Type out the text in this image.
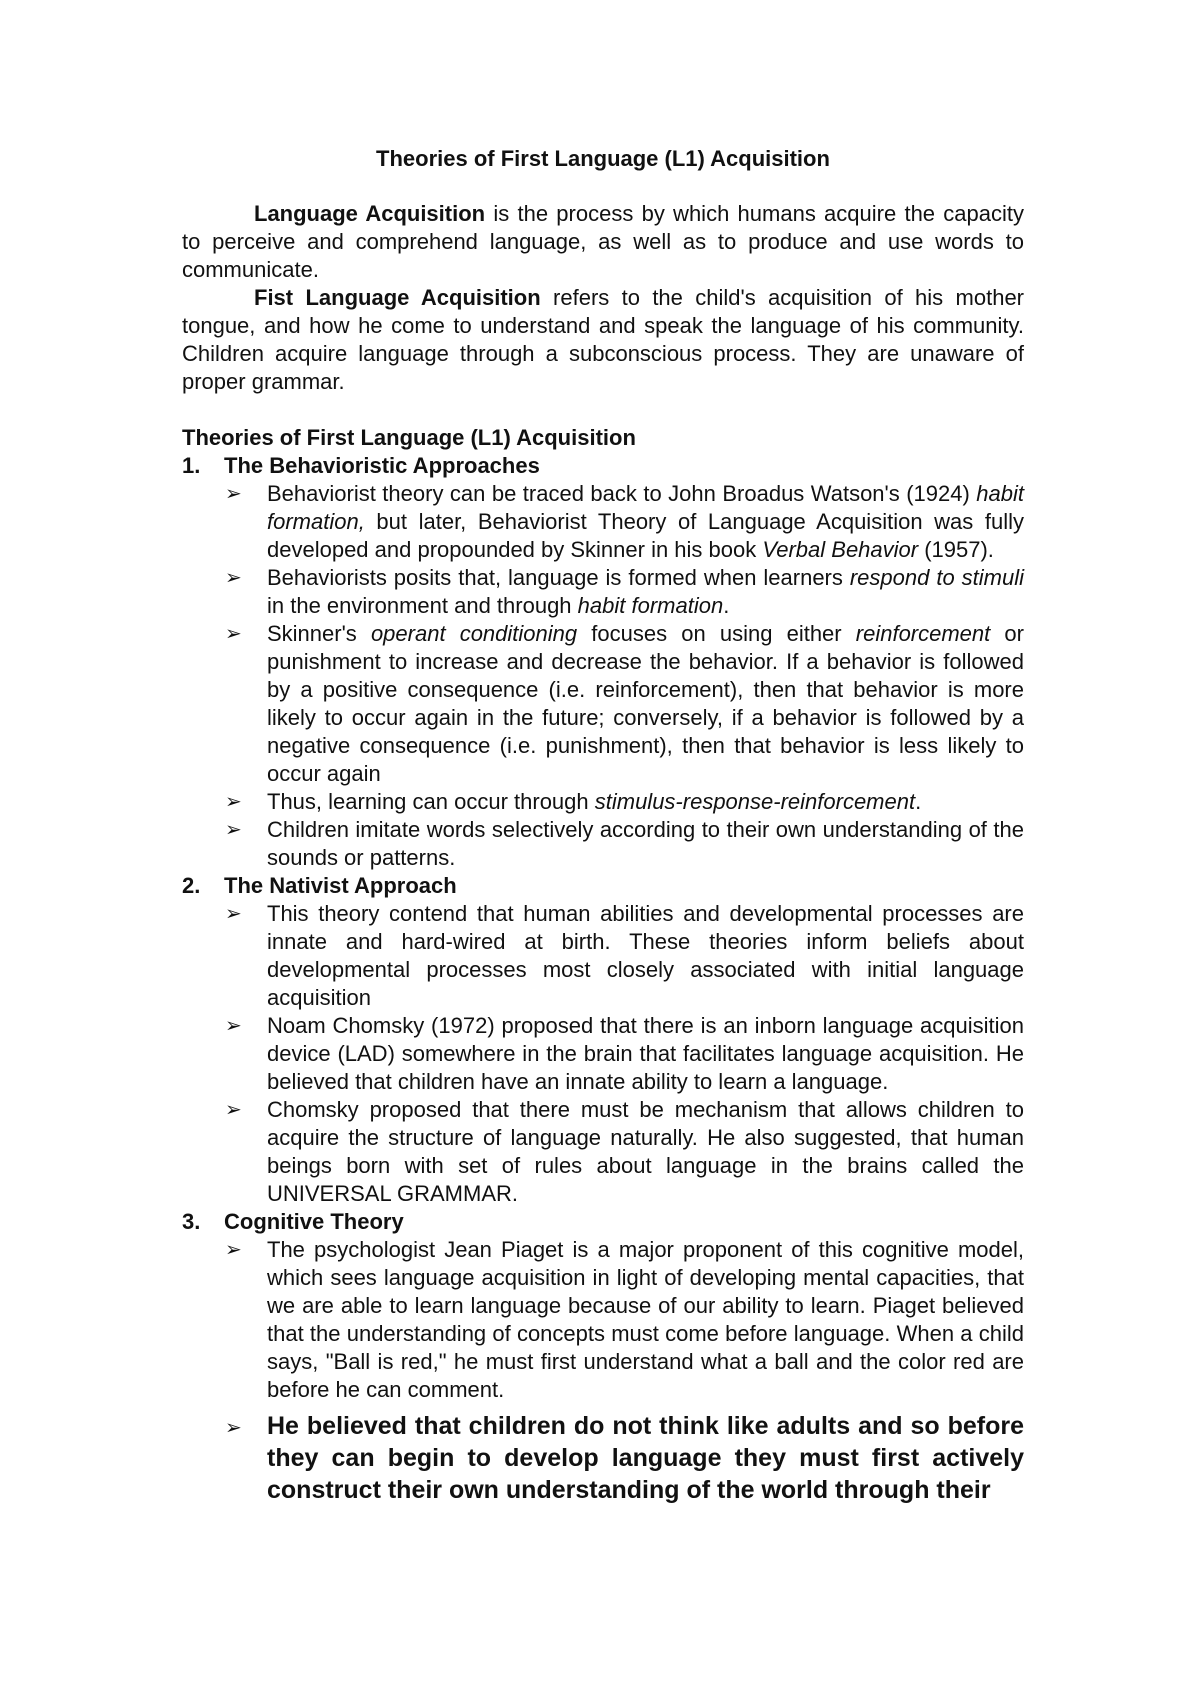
Theories of First Language (L1) Acquisition

Language Acquisition is the process by which humans acquire the capacity to perceive and comprehend language, as well as to produce and use words to communicate.

Fist Language Acquisition refers to the child's acquisition of his mother tongue, and how he come to understand and speak the language of his community. Children acquire language through a subconscious process. They are unaware of proper grammar.

Theories of First Language (L1) Acquisition

1.	The Behavioristic Approaches
➢ Behaviorist theory can be traced back to John Broadus Watson's (1924) habit formation, but later, Behaviorist Theory of Language Acquisition was fully developed and propounded by Skinner in his book Verbal Behavior (1957).
➢ Behaviorists posits that, language is formed when learners respond to stimuli in the environment and through habit formation.
➢ Skinner's operant conditioning focuses on using either reinforcement or punishment to increase and decrease the behavior. If a behavior is followed by a positive consequence (i.e. reinforcement), then that behavior is more likely to occur again in the future; conversely, if a behavior is followed by a negative consequence (i.e. punishment), then that behavior is less likely to occur again
➢ Thus, learning can occur through stimulus-response-reinforcement.
➢ Children imitate words selectively according to their own understanding of the sounds or patterns.
2.	The Nativist Approach
➢ This theory contend that human abilities and developmental processes are innate and hard-wired at birth. These theories inform beliefs about developmental processes most closely associated with initial language acquisition
➢ Noam Chomsky (1972) proposed that there is an inborn language acquisition device (LAD) somewhere in the brain that facilitates language acquisition. He believed that children have an innate ability to learn a language.
➢ Chomsky proposed that there must be mechanism that allows children to acquire the structure of language naturally. He also suggested, that human beings born with set of rules about language in the brains called the UNIVERSAL GRAMMAR.
3.	Cognitive Theory
➢ The psychologist Jean Piaget is a major proponent of this cognitive model, which sees language acquisition in light of developing mental capacities, that we are able to learn language because of our ability to learn. Piaget believed that the understanding of concepts must come before language. When a child says, "Ball is red," he must first understand what a ball and the color red are before he can comment.
➢ He believed that children do not think like adults and so before they can begin to develop language they must first actively construct their own understanding of the world through their
